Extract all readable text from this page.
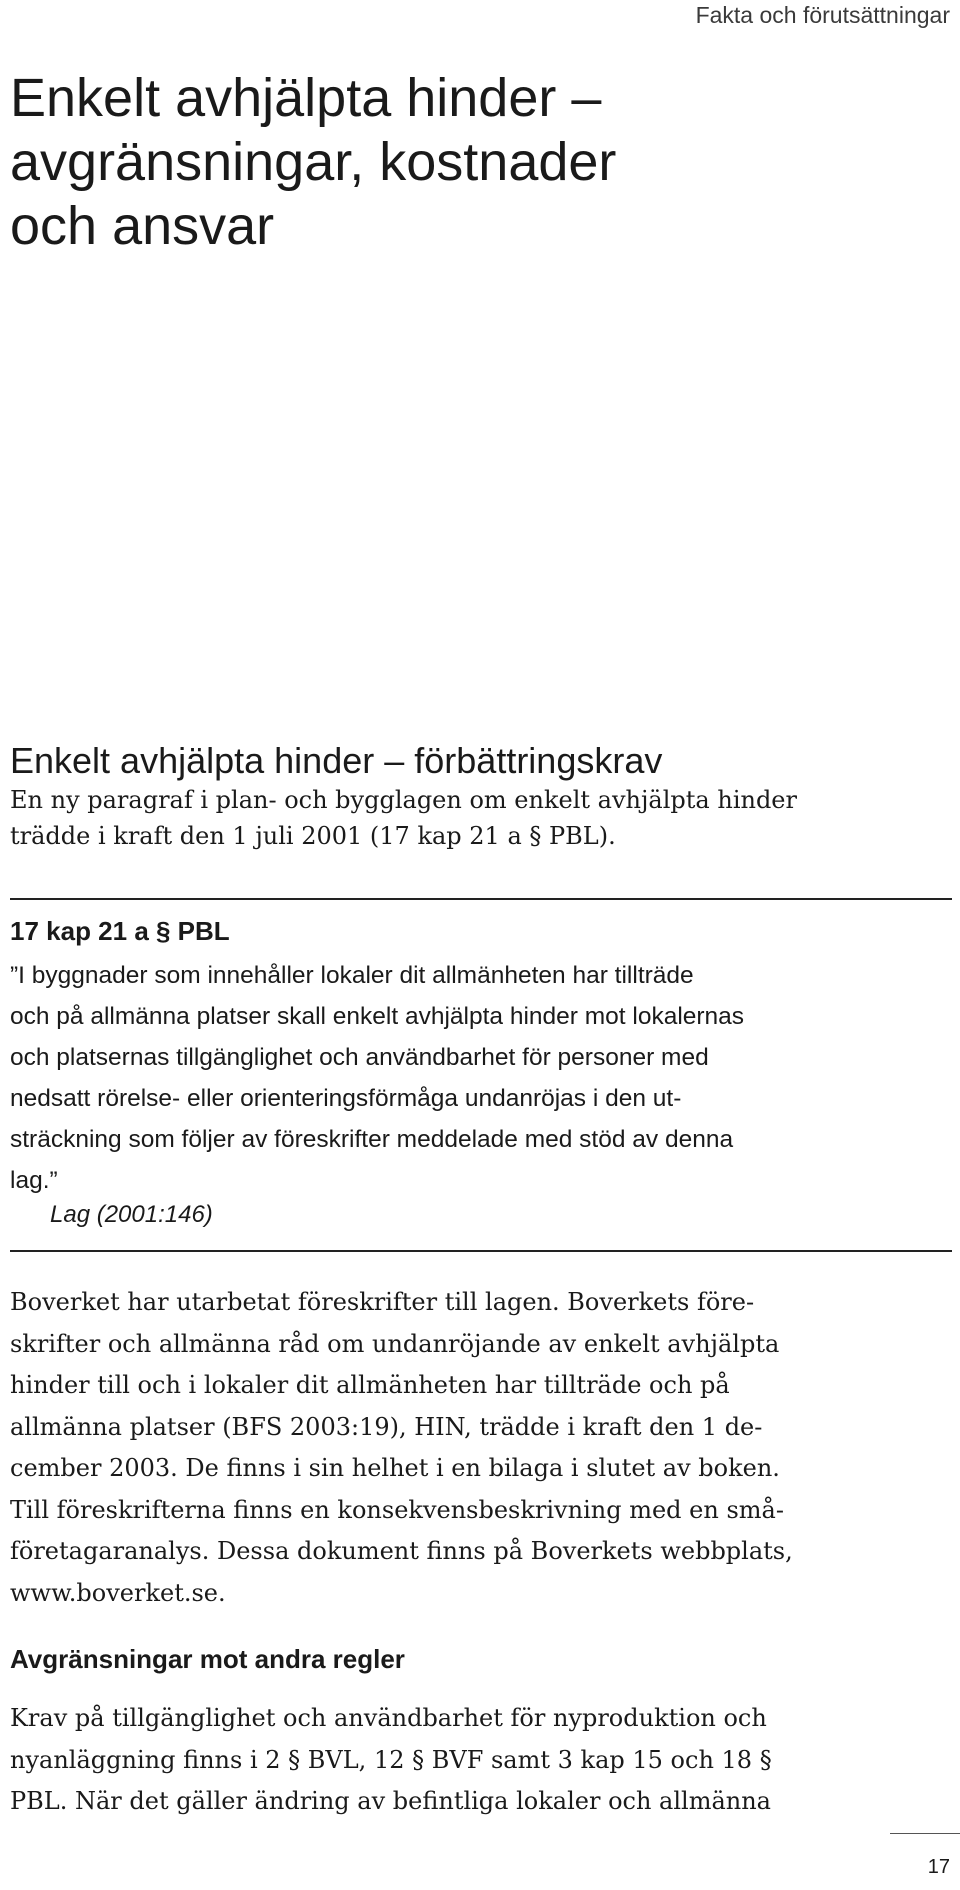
Fakta och förutsättningar
Enkelt avhjälpta hinder –
avgränsningar, kostnader
och ansvar
Enkelt avhjälpta hinder – förbättringskrav
En ny paragraf i plan- och bygglagen om enkelt avhjälpta hinder
trädde i kraft den 1 juli 2001 (17 kap 21 a § PBL).
17 kap 21 a § PBL
”I byggnader som innehåller lokaler dit allmänheten har tillträde
och på allmänna platser skall enkelt avhjälpta hinder mot lokalernas
och platsernas tillgänglighet och användbarhet för personer med
nedsatt rörelse- eller orienteringsförmåga undanröjas i den ut-
sträckning som följer av föreskrifter meddelade med stöd av denna
lag.”
Lag (2001:146)
Boverket har utarbetat föreskrifter till lagen. Boverkets före-
skrifter och allmänna råd om undanröjande av enkelt avhjälpta
hinder till och i lokaler dit allmänheten har tillträde och på
allmänna platser (BFS 2003:19), HIN, trädde i kraft den 1 de-
cember 2003. De finns i sin helhet i en bilaga i slutet av boken.
Till föreskrifterna finns en konsekvensbeskrivning med en små-
företagaranalys. Dessa dokument finns på Boverkets webbplats,
www.boverket.se.
Avgränsningar mot andra regler
Krav på tillgänglighet och användbarhet för nyproduktion och
nyanläggning finns i 2 § BVL, 12 § BVF samt 3 kap 15 och 18 §
PBL. När det gäller ändring av befintliga lokaler och allmänna
17
